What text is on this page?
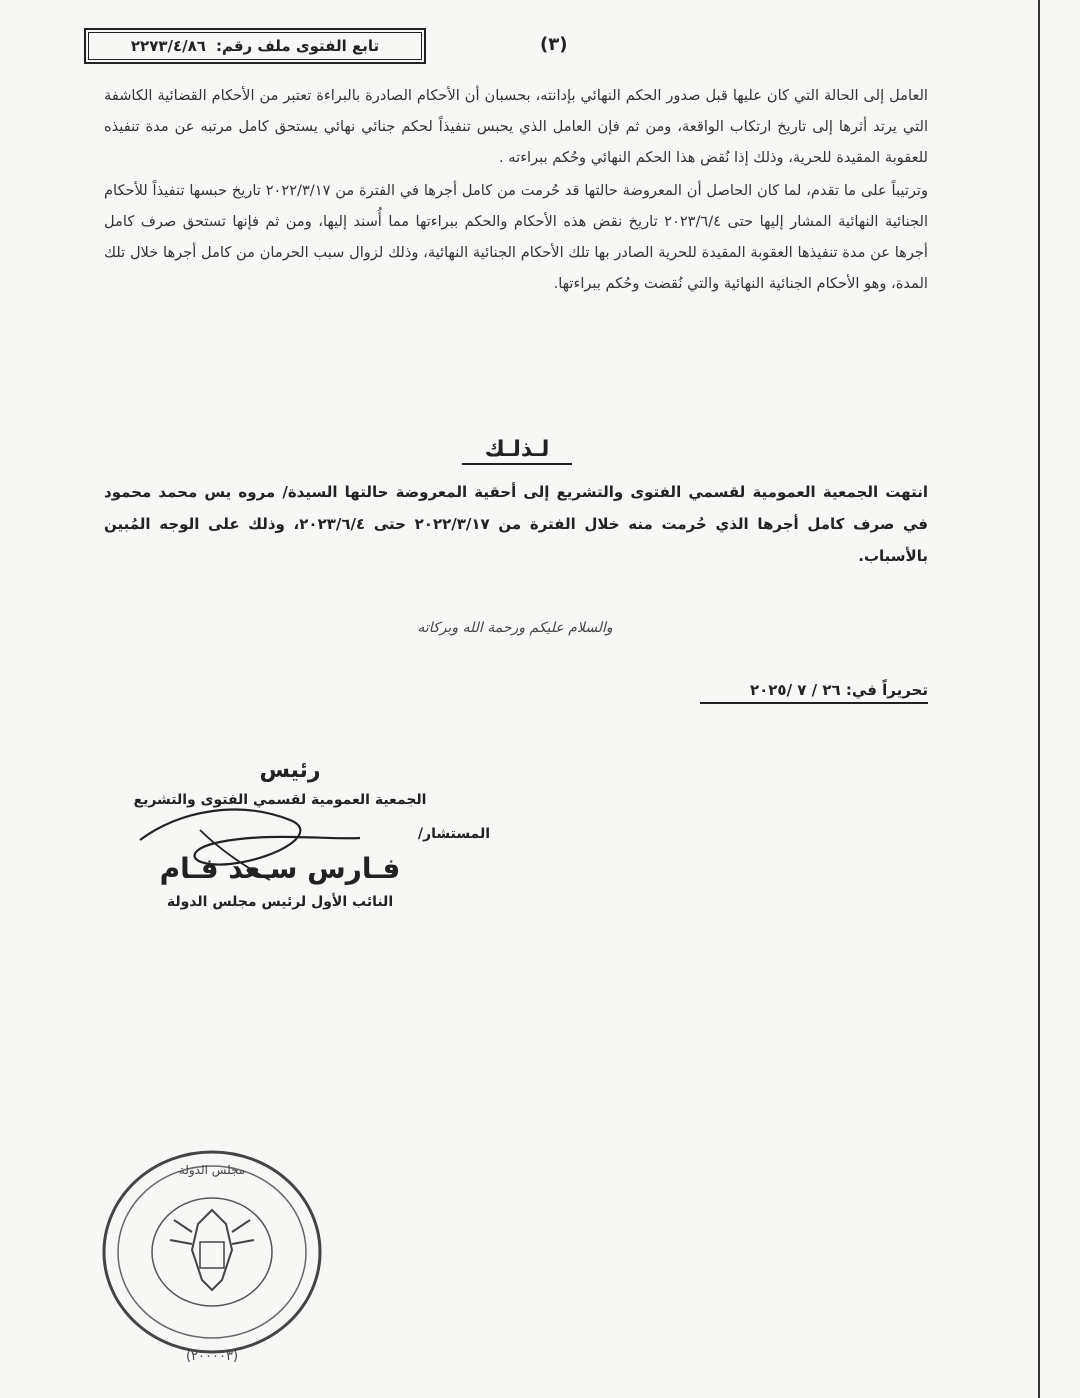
تابع الفتوى ملف رقم:
٢٢٧٣/٤/٨٦	(٣)

العامل إلى الحالة التي كان عليها قبل صدور الحكم النهائي بإدانته، بحسبان أن الأحكام الصادرة بالبراءة تعتبر من الأحكام القضائية الكاشفة التي يرتد أثرها إلى تاريخ ارتكاب الواقعة، ومن ثم فإن العامل الذي يحبس تنفيذاً لحكم جنائي نهائي يستحق كامل مرتبه عن مدة تنفيذه للعقوبة المقيدة للحرية، وذلك إذا نُقض هذا الحكم النهائي وحُكم ببراءته .

وترتيباً على ما تقدم، لما كان الحاصل أن المعروضة حالتها قد حُرمت من كامل أجرها في الفترة من ٢٠٢٢/٣/١٧ تاريخ حبسها تنفيذاً للأحكام الجنائية النهائية المشار إليها حتى ٢٠٢٣/٦/٤ تاريخ نقض هذه الأحكام والحكم ببراءتها مما أُسند إليها، ومن ثم فإنها تستحق صرف كامل أجرها عن مدة تنفيذها العقوبة المقيدة للحرية الصادر بها تلك الأحكام الجنائية النهائية، وذلك لزوال سبب الحرمان من كامل أجرها خلال تلك المدة، وهو الأحكام الجنائية النهائية والتي نُقضت وحُكم ببراءتها.

لـذلـك

انتهت الجمعية العمومية لقسمي الفتوى والتشريع إلى أحقية المعروضة حالتها السيدة/ مروه يس محمد محمود في صرف كامل أجرها الذي حُرمت منه خلال الفترة من ٢٠٢٢/٣/١٧ حتى ٢٠٢٣/٦/٤، وذلك على الوجه المُبين بالأسباب.

والسلام عليكم ورحمة الله وبركاته
تحريراً في: ٢٦ / ٧ /٢٠٢٥
رئيس
الجمعية العمومية لقسمي الفتوى والتشريع
المستشار/
فـارس سـعد فـام
النائب الأول لرئيس مجلس الدولة
مجلس الدولة
(٢٠٠٠٠٣)
